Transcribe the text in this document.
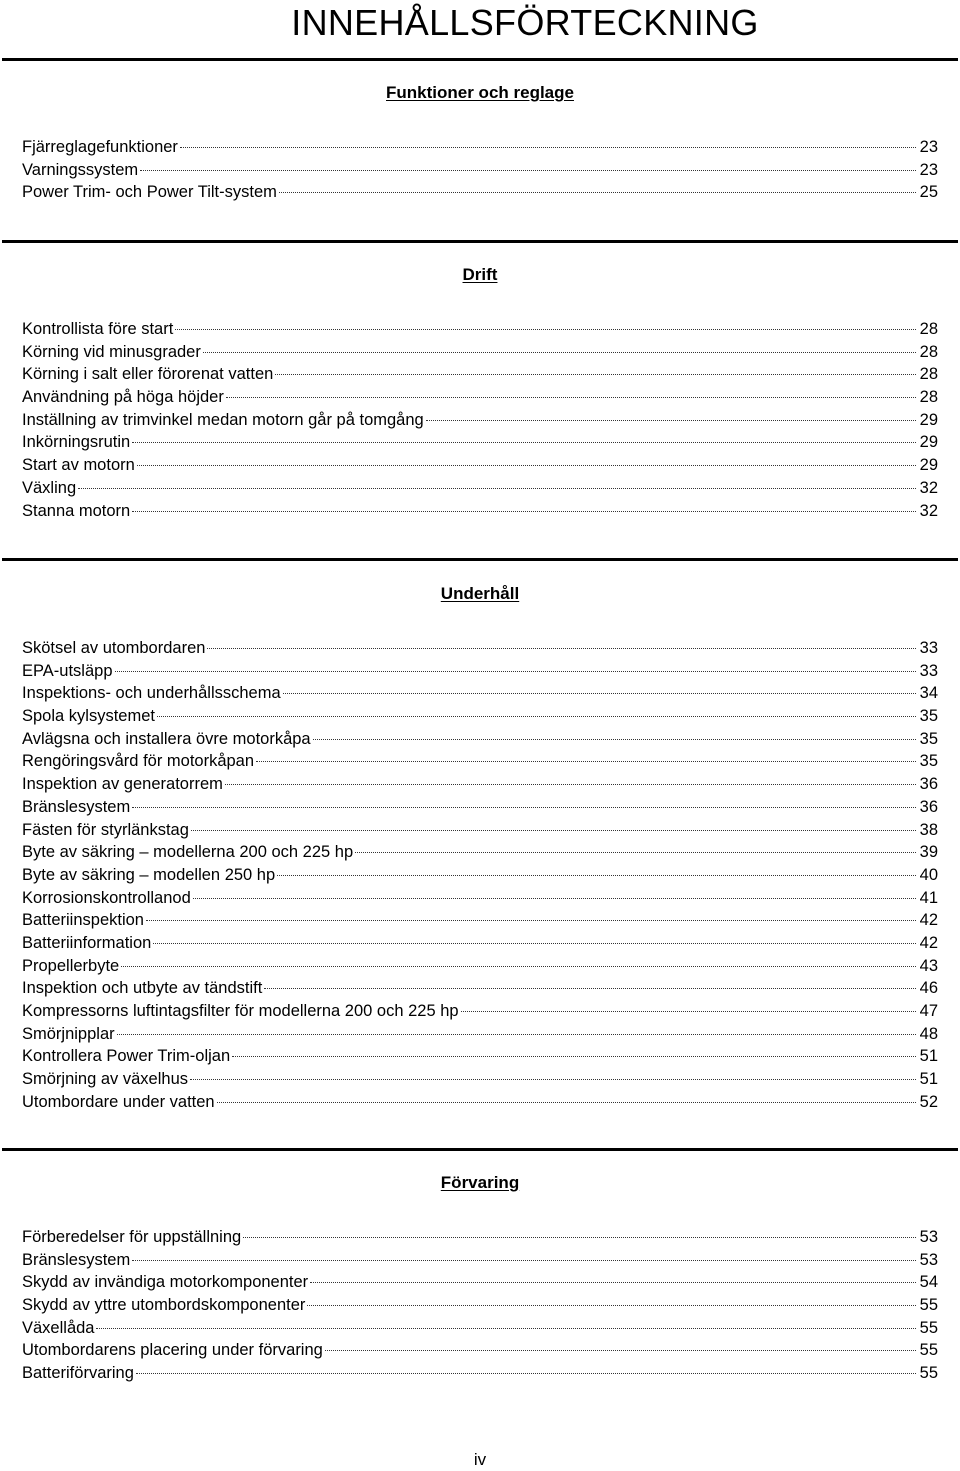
INNEHÅLLSFÖRTECKNING
Funktioner och reglage
Fjärreglagefunktioner	23
Varningssystem	23
Power Trim- och Power Tilt-system	25
Drift
Kontrollista före start	28
Körning vid minusgrader	28
Körning i salt eller förorenat vatten	28
Användning på höga höjder	28
Inställning av trimvinkel medan motorn går på tomgång	29
Inkörningsrutin	29
Start av motorn	29
Växling	32
Stanna motorn	32
Underhåll
Skötsel av utombordaren	33
EPA-utsläpp	33
Inspektions- och underhållsschema	34
Spola kylsystemet	35
Avlägsna och installera övre motorkåpa	35
Rengöringsvård för motorkåpan	35
Inspektion av generatorrem	36
Bränslesystem	36
Fästen för styrlänkstag	38
Byte av säkring – modellerna 200 och 225 hp	39
Byte av säkring – modellen 250 hp	40
Korrosionskontrollanod	41
Batteriinspektion	42
Batteriinformation	42
Propellerbyte	43
Inspektion och utbyte av tändstift	46
Kompressorns luftintagsfilter för modellerna 200 och 225 hp	47
Smörjnipplar	48
Kontrollera Power Trim-oljan	51
Smörjning av växelhus	51
Utombordare under vatten	52
Förvaring
Förberedelser för uppställning	53
Bränslesystem	53
Skydd av invändiga motorkomponenter	54
Skydd av yttre utombordskomponenter	55
Växellåda	55
Utombordarens placering under förvaring	55
Batteriförvaring	55
iv
